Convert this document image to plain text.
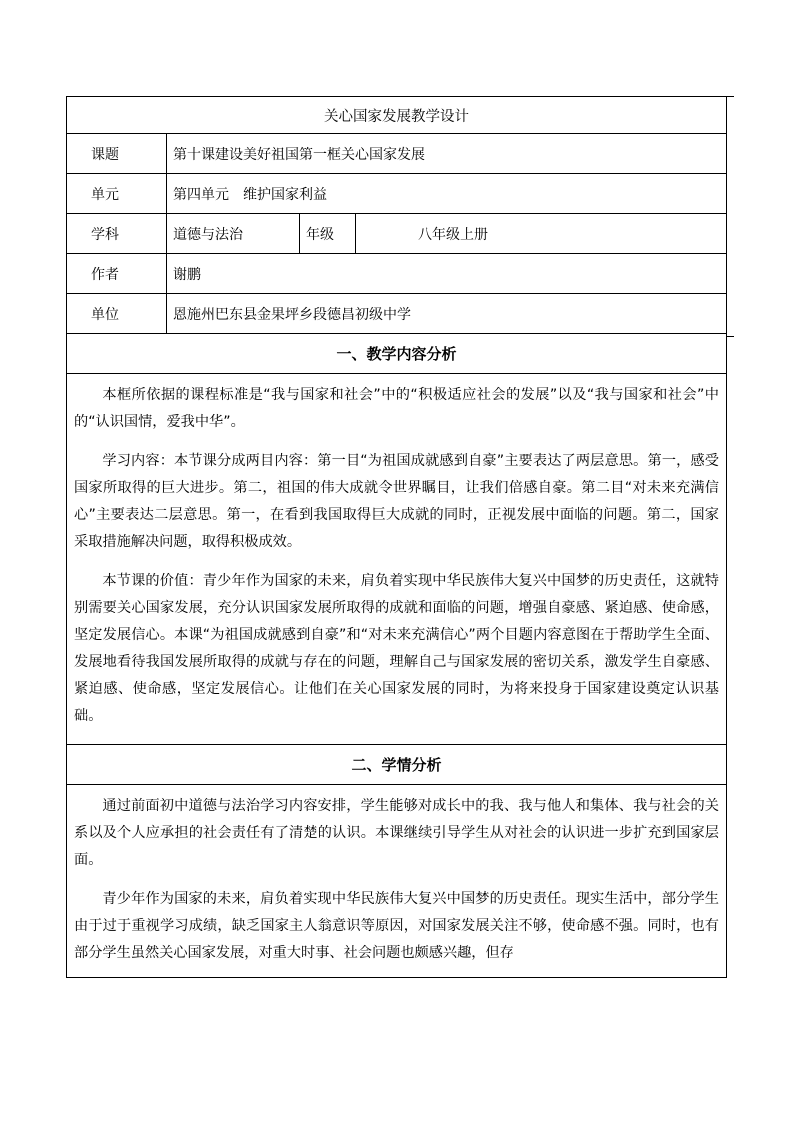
关心国家发展教学设计
课题	第十课建设美好祖国第一框关心国家发展
单元	第四单元　维护国家利益
学科	道德与法治	年级	八年级上册
作者	谢鹏
单位	恩施州巴东县金果坪乡段德昌初级中学
一、教学内容分析

本框所依据的课程标准是“我与国家和社会”中的“积极适应社会的发展”以及“我与国家和社会”中的“认识国情，爱我中华”。

学习内容：本节课分成两目内容：第一目“为祖国成就感到自豪”主要表达了两层意思。第一，感受国家所取得的巨大进步。第二，祖国的伟大成就令世界瞩目，让我们倍感自豪。第二目“对未来充满信心”主要表达二层意思。第一，在看到我国取得巨大成就的同时，正视发展中面临的问题。第二，国家采取措施解决问题，取得积极成效。

本节课的价值：青少年作为国家的未来，肩负着实现中华民族伟大复兴中国梦的历史责任，这就特别需要关心国家发展，充分认识国家发展所取得的成就和面临的问题，增强自豪感、紧迫感、使命感，坚定发展信心。本课“为祖国成就感到自豪”和“对未来充满信心”两个目题内容意图在于帮助学生全面、发展地看待我国发展所取得的成就与存在的问题，理解自己与国家发展的密切关系，激发学生自豪感、紧迫感、使命感，坚定发展信心。让他们在关心国家发展的同时，为将来投身于国家建设奠定认识基础。

二、学情分析

通过前面初中道德与法治学习内容安排，学生能够对成长中的我、我与他人和集体、我与社会的关系以及个人应承担的社会责任有了清楚的认识。本课继续引导学生从对社会的认识进一步扩充到国家层面。

青少年作为国家的未来，肩负着实现中华民族伟大复兴中国梦的历史责任。现实生活中，部分学生由于过于重视学习成绩，缺乏国家主人翁意识等原因，对国家发展关注不够，使命感不强。同时，也有部分学生虽然关心国家发展，对重大时事、社会问题也颇感兴趣，但存
